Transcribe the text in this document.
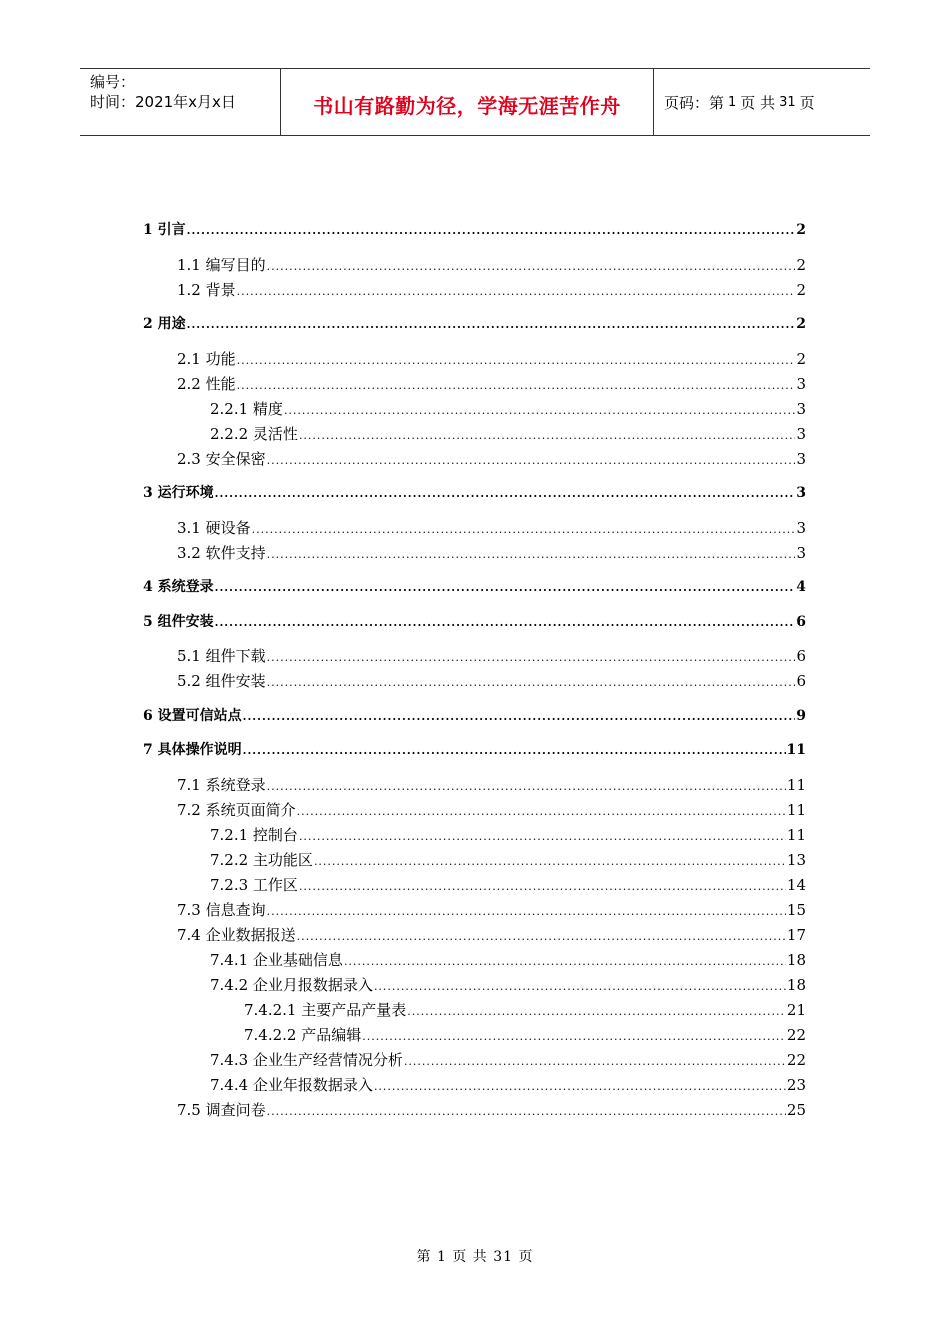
编号：
时间：2021年x月x日	书山有路勤为径，学海无涯苦作舟	页码：第 1 页 共 31 页
1 引言 .....	2
1.1 编写目的 .....	2
1.2 背景 .....	2
2 用途 .....	2
2.1 功能 .....	2
2.2 性能 .....	3
2.2.1 精度 .....	3
2.2.2 灵活性 .....	3
2.3 安全保密 .....	3
3 运行环境 .....	3
3.1 硬设备 .....	3
3.2 软件支持 .....	3
4 系统登录 .....	4
5 组件安装 .....	6
5.1 组件下载 .....	6
5.2 组件安装 .....	6
6 设置可信站点 .....	9
7 具体操作说明 .....	11
7.1 系统登录 .....	11
7.2 系统页面简介 .....	11
7.2.1 控制台 .....	11
7.2.2 主功能区 .....	13
7.2.3 工作区 .....	14
7.3 信息查询 .....	15
7.4 企业数据报送 .....	17
7.4.1 企业基础信息 .....	18
7.4.2 企业月报数据录入 .....	18
7.4.2.1 主要产品产量表 .....	21
7.4.2.2 产品编辑 .....	22
7.4.3 企业生产经营情况分析 .....	22
7.4.4 企业年报数据录入 .....	23
7.5 调查问卷 .....	25
第 1 页 共 31 页
